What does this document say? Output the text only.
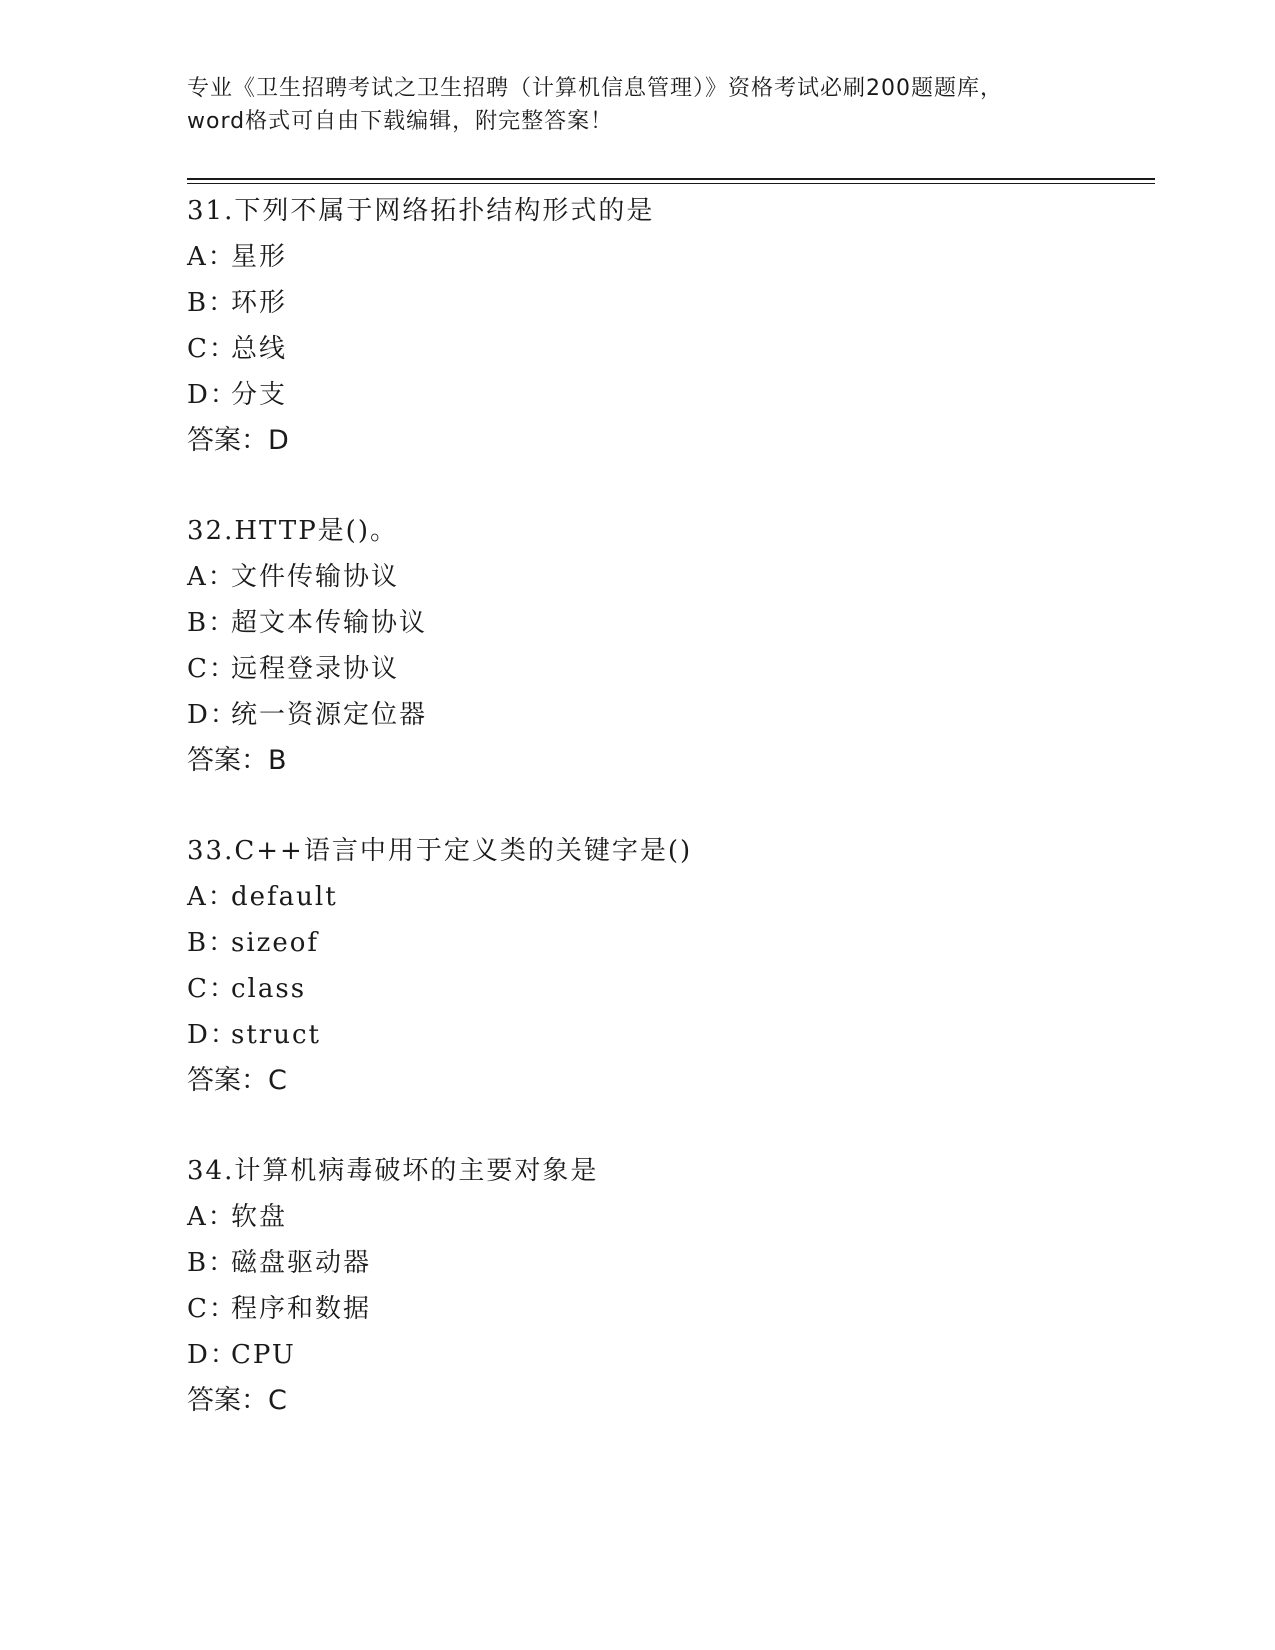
专业《卫生招聘考试之卫生招聘（计算机信息管理）》资格考试必刷200题题库，
word格式可自由下载编辑，附完整答案！
31.下列不属于网络拓扑结构形式的是
A：星形
B：环形
C：总线
D：分支
答案：D
32.HTTP是()。
A：文件传输协议
B：超文本传输协议
C：远程登录协议
D：统一资源定位器
答案：B
33.C++语言中用于定义类的关键字是()
A：default
B：sizeof
C：class
D：struct
答案：C
34.计算机病毒破坏的主要对象是
A：软盘
B：磁盘驱动器
C：程序和数据
D：CPU
答案：C
